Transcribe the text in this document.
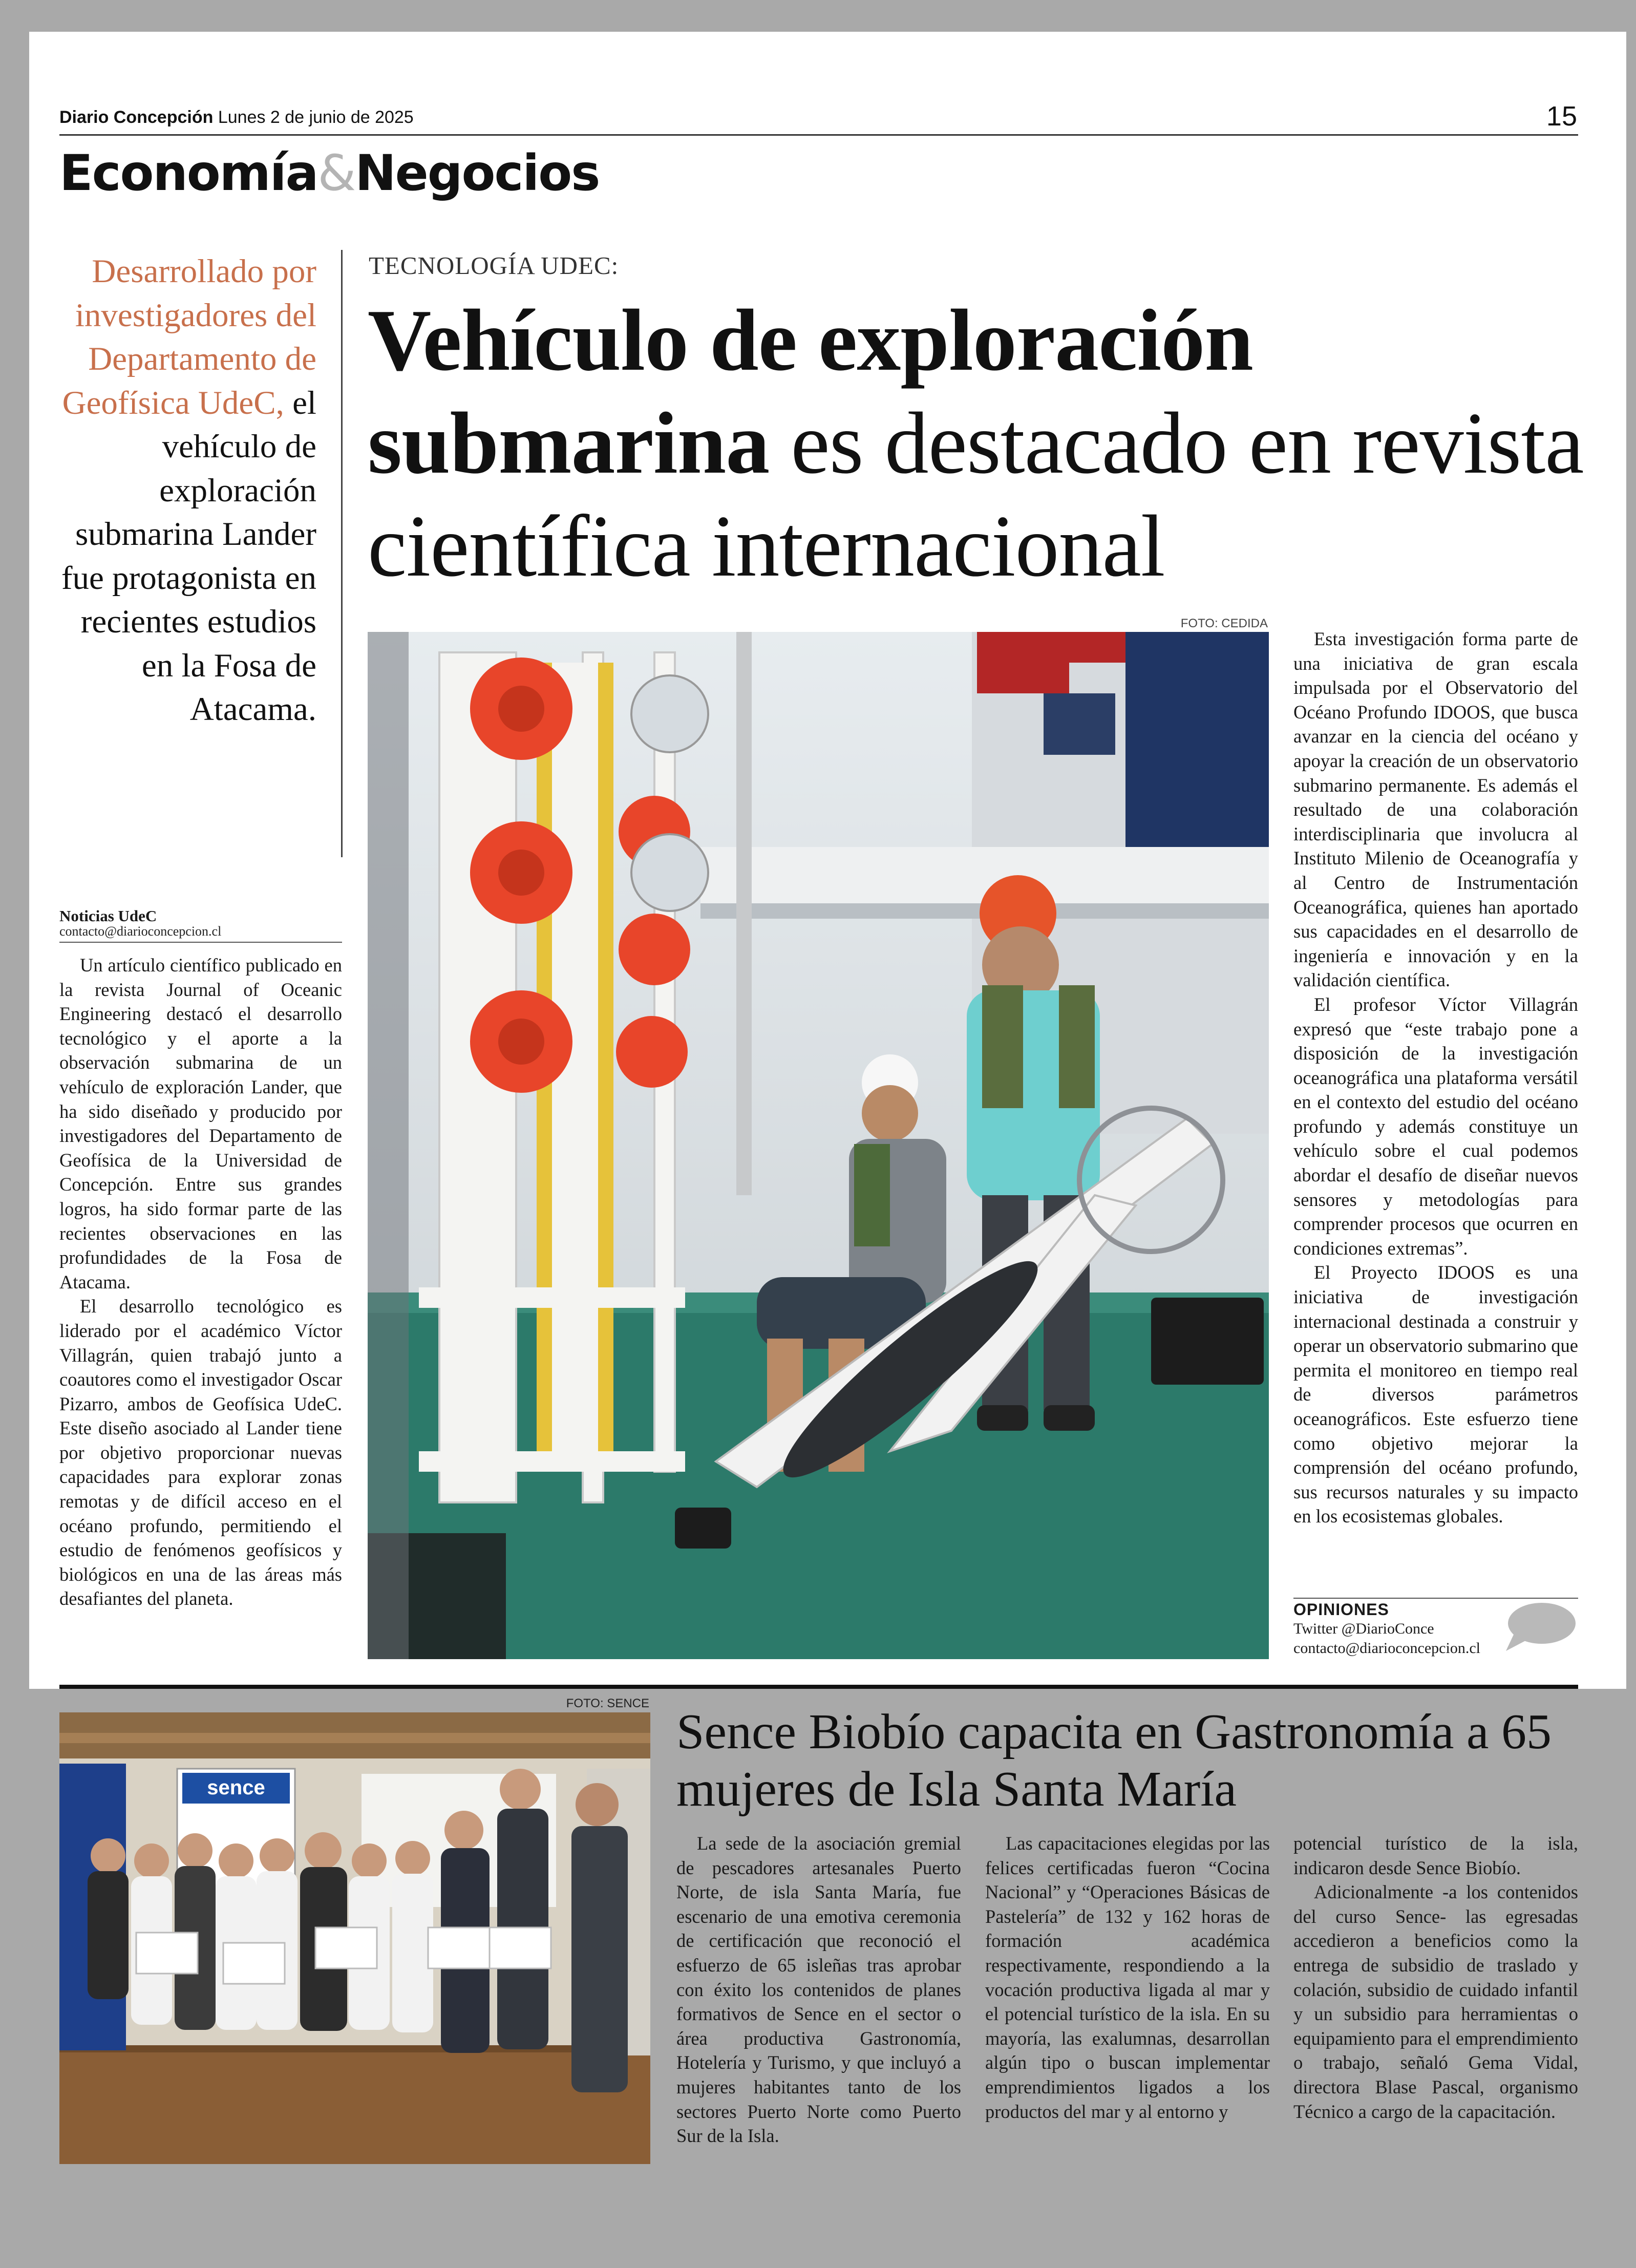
Diario Concepción Lunes 2 de junio de 2025	15
Economía&Negocios
Desarrollado por investigadores del Departamento de Geofísica UdeC, el vehículo de exploración submarina Lander fue protagonista en recientes estudios en la Fosa de Atacama.
TECNOLOGÍA UDEC:
Vehículo de exploración submarina es destacado en revista científica internacional
FOTO: CEDIDA
Noticias UdeC
contacto@diarioconcepcion.cl

Un artículo científico publicado en la revista Journal of Oceanic Engineering destacó el desarrollo tecnológico y el aporte a la observación submarina de un vehículo de exploración Lander, que ha sido diseñado y producido por investigadores del Departamento de Geofísica de la Universidad de Concepción. Entre sus grandes logros, ha sido formar parte de las recientes observaciones en las profundidades de la Fosa de Atacama.

El desarrollo tecnológico es liderado por el académico Víctor Villagrán, quien trabajó junto a coautores como el investigador Oscar Pizarro, ambos de Geofísica UdeC. Este diseño asociado al Lander tiene por objetivo proporcionar nuevas capacidades para explorar zonas remotas y de difícil acceso en el océano profundo, permitiendo el estudio de fenómenos geofísicos y biológicos en una de las áreas más desafiantes del planeta.

Esta investigación forma parte de una iniciativa de gran escala impulsada por el Observatorio del Océano Profundo IDOOS, que busca avanzar en la ciencia del océano y apoyar la creación de un observatorio submarino permanente. Es además el resultado de una colaboración interdisciplinaria que involucra al Instituto Milenio de Oceanografía y al Centro de Instrumentación Oceanográfica, quienes han aportado sus capacidades en el desarrollo de ingeniería e innovación y en la validación científica.

El profesor Víctor Villagrán expresó que “este trabajo pone a disposición de la investigación oceanográfica una plataforma versátil en el contexto del estudio del océano profundo y además constituye un vehículo sobre el cual podemos abordar el desafío de diseñar nuevos sensores y metodologías para comprender procesos que ocurren en condiciones extremas”.

El Proyecto IDOOS es una iniciativa de investigación internacional destinada a construir y operar un observatorio submarino que permita el monitoreo en tiempo real de diversos parámetros oceanográficos. Este esfuerzo tiene como objetivo mejorar la comprensión del océano profundo, sus recursos naturales y su impacto en los ecosistemas globales.

OPINIONES
Twitter @DiarioConce
contacto@diarioconcepcion.cl
FOTO: SENCE
sence
Sence Biobío capacita en Gastronomía a 65 mujeres de Isla Santa María

La sede de la asociación gremial de pescadores artesanales Puerto Norte, de isla Santa María, fue escenario de una emotiva ceremonia de certificación que reconoció el esfuerzo de 65 isleñas tras aprobar con éxito los contenidos de planes formativos de Sence en el sector o área productiva Gastronomía, Hotelería y Turismo, y que incluyó a mujeres habitantes tanto de los sectores Puerto Norte como Puerto Sur de la Isla.

Las capacitaciones elegidas por las felices certificadas fueron “Cocina Nacional” y “Operaciones Básicas de Pastelería” de 132 y 162 horas de formación académica respectivamente, respondiendo a la vocación productiva ligada al mar y el potencial turístico de la isla. En su mayoría, las exalumnas, desarrollan algún tipo o buscan implementar emprendimientos ligados a los productos del mar y al entorno y

potencial turístico de la isla, indicaron desde Sence Biobío.

Adicionalmente -a los contenidos del curso Sence- las egresadas accedieron a beneficios como la entrega de subsidio de traslado y colación, subsidio de cuidado infantil y un subsidio para herramientas o equipamiento para el emprendimiento o trabajo, señaló Gema Vidal, directora Blase Pascal, organismo Técnico a cargo de la capacitación.
